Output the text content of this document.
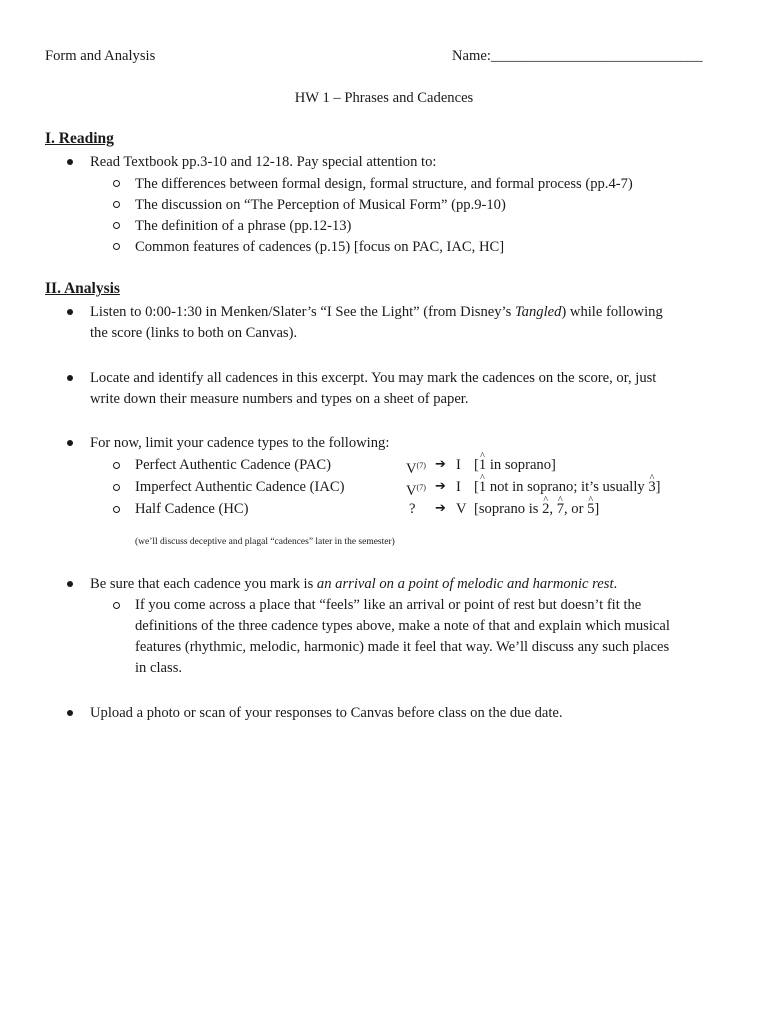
Form and Analysis	Name:_____________________________
HW 1 – Phrases and Cadences
I. Reading
Read Textbook pp.3-10 and 12-18. Pay special attention to:
The differences between formal design, formal structure, and formal process (pp.4-7)
The discussion on “The Perception of Musical Form” (pp.9-10)
The definition of a phrase (pp.12-13)
Common features of cadences (p.15) [focus on PAC, IAC, HC]
II. Analysis
Listen to 0:00-1:30 in Menken/Slater’s “I See the Light” (from Disney’s Tangled) while following
the score (links to both on Canvas).
Locate and identify all cadences in this excerpt. You may mark the cadences on the score, or, just
write down their measure numbers and types on a sheet of paper.
For now, limit your cadence types to the following:
Perfect Authentic Cadence (PAC)	$V^{(7)}$ ➔ I [^ 1 in soprano]
Imperfect Authentic Cadence (IAC)	$V^{(7)}$ ➔ I [^ 1 not in soprano; it’s usually ^ 3]
Half Cadence (HC)	? ➔ V [soprano is ^ 2, ^ 7, or ^ 5]
(we’ll discuss deceptive and plagal “cadences” later in the semester)
Be sure that each cadence you mark is an arrival on a point of melodic and harmonic rest.
If you come across a place that “feels” like an arrival or point of rest but doesn’t fit the
definitions of the three cadence types above, make a note of that and explain which musical
features (rhythmic, melodic, harmonic) made it feel that way. We’ll discuss any such places
in class.
Upload a photo or scan of your responses to Canvas before class on the due date.
